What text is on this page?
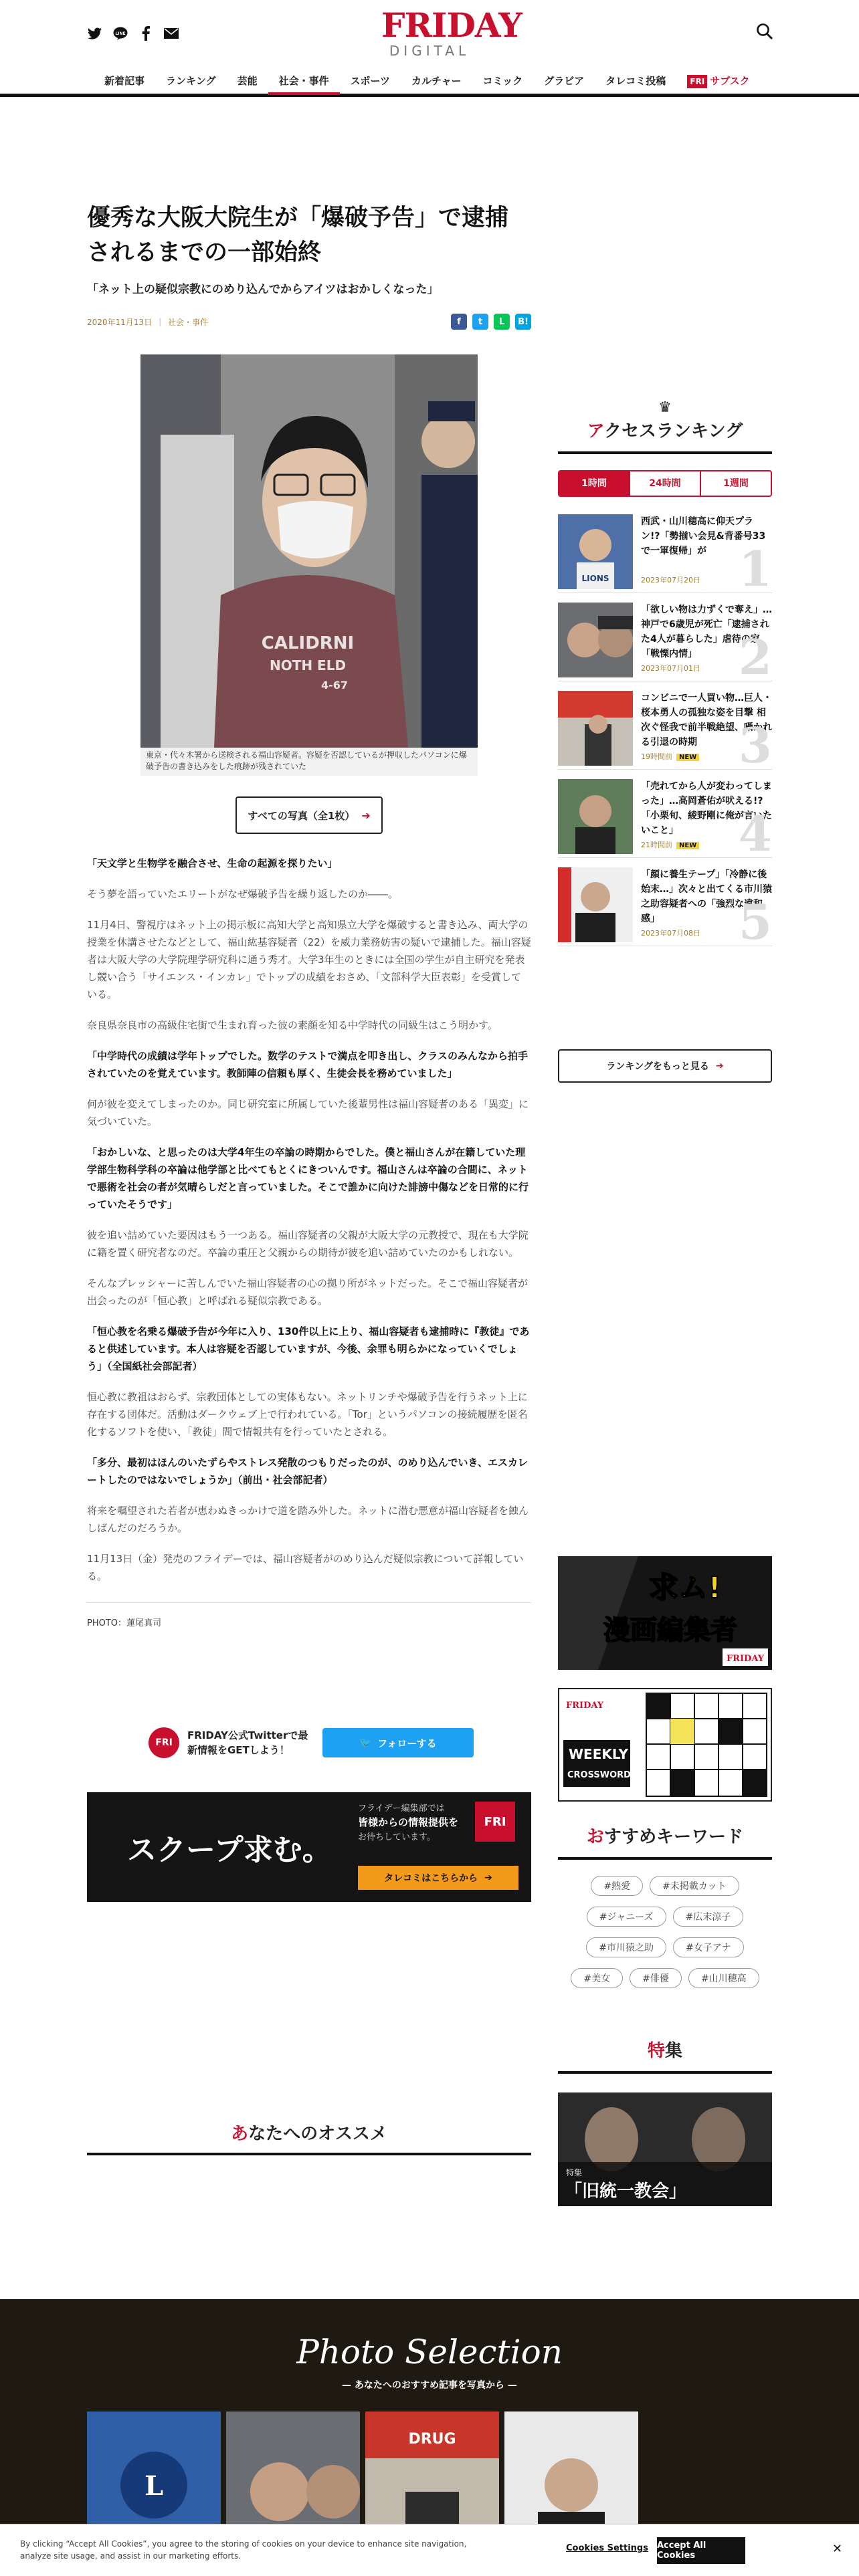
LINE	FRIDAY
DIGITAL
新着記事	ランキング	芸能	社会・事件	スポーツ	カルチャー	コミック	グラビア	タレコミ投稿	FRI サブスク
優秀な大阪大院生が「爆破予告」で逮捕されるまでの一部始終
「ネット上の疑似宗教にのめり込んでからアイツはおかしくなった」
2020年11月13日 | 社会・事件	f	t	L	B!
CALIDRNI
NOTH ELD
4-67
東京・代々木署から送検される福山容疑者。容疑を否認しているが押収したパソコンに爆破予告の書き込みをした痕跡が残されていた
すべての写真（全1枚） ➔

「天文学と生物学を融合させ、生命の起源を探りたい」

そう夢を語っていたエリートがなぜ爆破予告を繰り返したのか――。

11月4日、警視庁はネット上の掲示板に高知大学と高知県立大学を爆破すると書き込み、両大学の授業を休講させたなどとして、福山紘基容疑者（22）を威力業務妨害の疑いで逮捕した。福山容疑者は大阪大学の大学院理学研究科に通う秀才。大学3年生のときには全国の学生が自主研究を発表し競い合う「サイエンス・インカレ」でトップの成績をおさめ、「文部科学大臣表彰」を受賞している。

奈良県奈良市の高級住宅街で生まれ育った彼の素顔を知る中学時代の同級生はこう明かす。

「中学時代の成績は学年トップでした。数学のテストで満点を叩き出し、クラスのみんなから拍手されていたのを覚えています。教師陣の信頼も厚く、生徒会長を務めていました」

何が彼を変えてしまったのか。同じ研究室に所属していた後輩男性は福山容疑者のある「異変」に気づいていた。

「おかしいな、と思ったのは大学4年生の卒論の時期からでした。僕と福山さんが在籍していた理学部生物科学科の卒論は他学部と比べてもとくにきついんです。福山さんは卒論の合間に、ネットで悪術を社会の者が気晴らしだと言っていました。そこで誰かに向けた誹謗中傷などを日常的に行っていたそうです」

彼を追い詰めていた要因はもう一つある。福山容疑者の父親が大阪大学の元教授で、現在も大学院に籍を置く研究者なのだ。卒論の重圧と父親からの期待が彼を追い詰めていたのかもしれない。

そんなプレッシャーに苦しんでいた福山容疑者の心の拠り所がネットだった。そこで福山容疑者が出会ったのが「恒心教」と呼ばれる疑似宗教である。

「恒心教を名乗る爆破予告が今年に入り、130件以上に上り、福山容疑者も逮捕時に『教徒』であると供述しています。本人は容疑を否認していますが、今後、余罪も明らかになっていくでしょう」（全国紙社会部記者）

恒心教に教祖はおらず、宗教団体としての実体もない。ネットリンチや爆破予告を行うネット上に存在する団体だ。活動はダークウェブ上で行われている。「Tor」というパソコンの接続履歴を匿名化するソフトを使い、「教徒」間で情報共有を行っていたとされる。

「多分、最初はほんのいたずらやストレス発散のつもりだったのが、のめり込んでいき、エスカレートしたのではないでしょうか」（前出・社会部記者）

将来を嘱望された若者が恵わぬきっかけで道を踏み外した。ネットに潜む悪意が福山容疑者を蝕んしばんだのだろうか。

11月13日（金）発売のフライデーでは、福山容疑者がのめり込んだ疑似宗教について詳報している。

PHOTO：蓮尾真司
FRI
FRIDAY公式Twitterで最新情報をGETしよう！
🐦 フォローする
スクープ求む。
フライデー編集部では
皆様からの情報提供を
お待ちしています。
FRI
タレコミはこちらから ➔
あなたへのオススメ
♛
アクセスランキング
1時間	24時間	1週間
LIONS
西武・山川穂高に仰天プラン!?「勢揃い会見&背番号33で一軍復帰」が
2023年07月20日 1
「欲しい物は力ずくで奪え」…神戸で6歳児が死亡「逮捕された4人が暮らした」虐待の家「戦慄内情」
2023年07月01日 2
コンビニで一人買い物…巨人・桜本勇人の孤独な姿を目撃 相次ぐ怪我で前半戦絶望、囁かれる引退の時期
19時間前 NEW 3
「売れてから人が変わってしまった」…高岡蒼佑が吠える!?「小栗旬、綾野剛に俺が言いたいこと」
21時間前 NEW 4
「顔に養生テープ」「冷静に後始末…」次々と出てくる市川猿之助容疑者への「強烈な違和感」
2023年07月08日 5
ランキングをもっと見る ➔
求ム!
漫画編集者
FRIDAY
FRIDAY
WEEKLY
CROSSWORD
おすすめキーワード
#熱愛	#未掲載カット
#ジャニーズ	#広末涼子
#市川猿之助	#女子アナ
#美女	#俳優	#山川穂高
特集
特集
「旧統一教会」
Photo Selection
— あなたへのおすすめ記事を写真から —
L
DRUG
By clicking “Accept All Cookies”, you agree to the storing of cookies on your device to enhance site navigation, analyze site usage, and assist in our marketing efforts.
Cookies Settings Accept All Cookies	✕
